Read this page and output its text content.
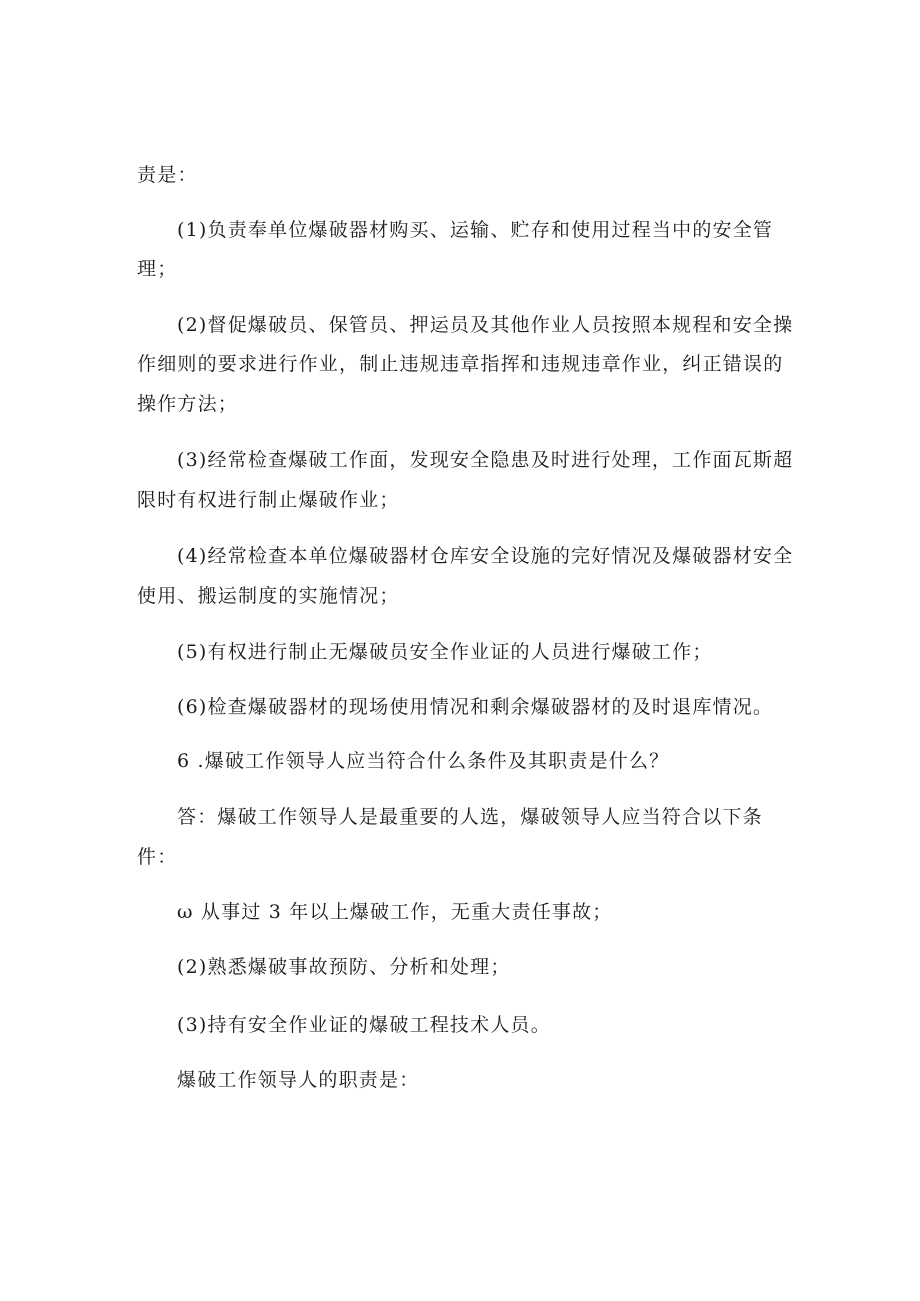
责是：
(1)负责奉单位爆破器材购买、运输、贮存和使用过程当中的安全管
理；
(2)督促爆破员、保管员、押运员及其他作业人员按照本规程和安全操
作细则的要求进行作业，制止违规违章指挥和违规违章作业，纠正错误的
操作方法；
(3)经常检查爆破工作面，发现安全隐患及时进行处理，工作面瓦斯超
限时有权进行制止爆破作业；
(4)经常检查本单位爆破器材仓库安全设施的完好情况及爆破器材安全
使用、搬运制度的实施情况；
(5)有权进行制止无爆破员安全作业证的人员进行爆破工作；
(6)检查爆破器材的现场使用情况和剩余爆破器材的及时退库情况。
6 .爆破工作领导人应当符合什么条件及其职责是什么？
答：爆破工作领导人是最重要的人选，爆破领导人应当符合以下条
件：
ω 从事过 3 年以上爆破工作，无重大责任事故；
(2)熟悉爆破事故预防、分析和处理；
(3)持有安全作业证的爆破工程技术人员。
爆破工作领导人的职责是：
